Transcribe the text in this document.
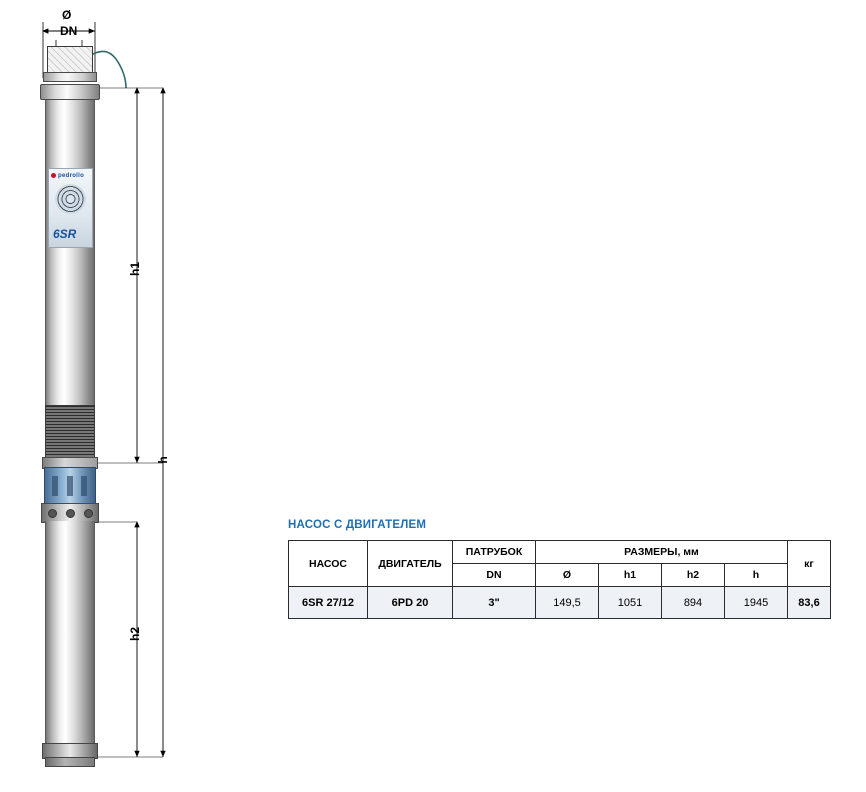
pedrollo
6SR
Ø
DN
h1
h
h2
НАСОС С ДВИГАТЕЛЕМ
НАСОС	ДВИГАТЕЛЬ	ПАТРУБОК	РАЗМЕРЫ, мм				кг
		DN	Ø	h1	h2	h	
6SR 27/12	6PD 20	3"	149,5	1051	894	1945	83,6
